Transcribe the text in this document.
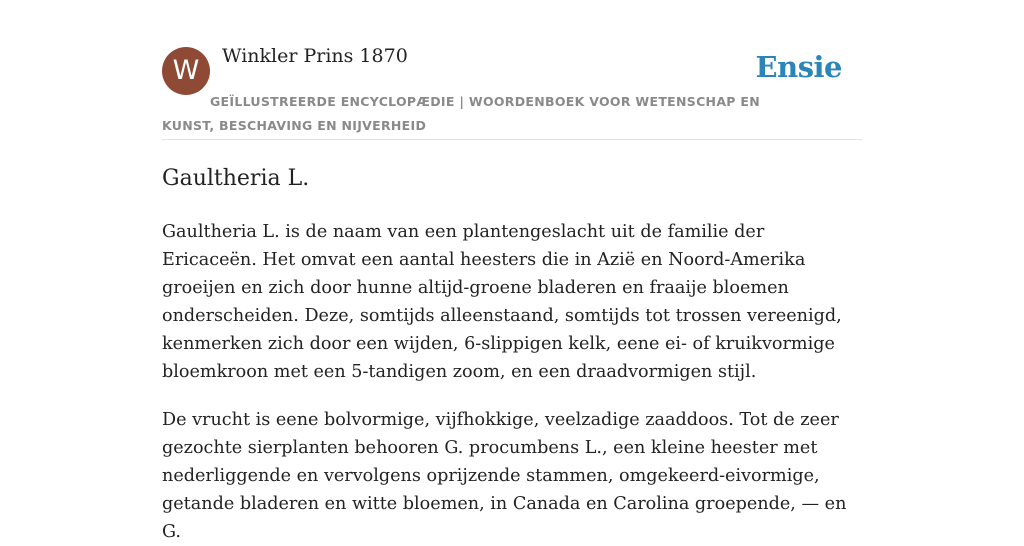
W	Winkler Prins 1870	Ensie
GEÏLLUSTREERDE ENCYCLOPÆDIE | WOORDENBOEK VOOR WETENSCHAP EN KUNST, BESCHAVING EN NIJVERHEID
Gaultheria L.

Gaultheria L. is de naam van een plantengeslacht uit de familie der Ericaceën. Het omvat een aantal heesters die in Azië en Noord-Amerika groeijen en zich door hunne altijd-groene bladeren en fraaije bloemen onderscheiden. Deze, somtijds alleenstaand, somtijds tot trossen vereenigd, kenmerken zich door een wijden, 6-slippigen kelk, eene ei- of kruikvormige bloemkroon met een 5-tandigen zoom, en een draadvormigen stijl.

De vrucht is eene bolvormige, vijfhokkige, veelzadige zaaddoos. Tot de zeer gezochte sierplanten behooren G. procumbens L., een kleine heester met nederliggende en vervolgens oprijzende stammen, omgekeerd-eivormige, getande bladeren en witte bloemen, in Canada en Carolina groepende, — en G.
